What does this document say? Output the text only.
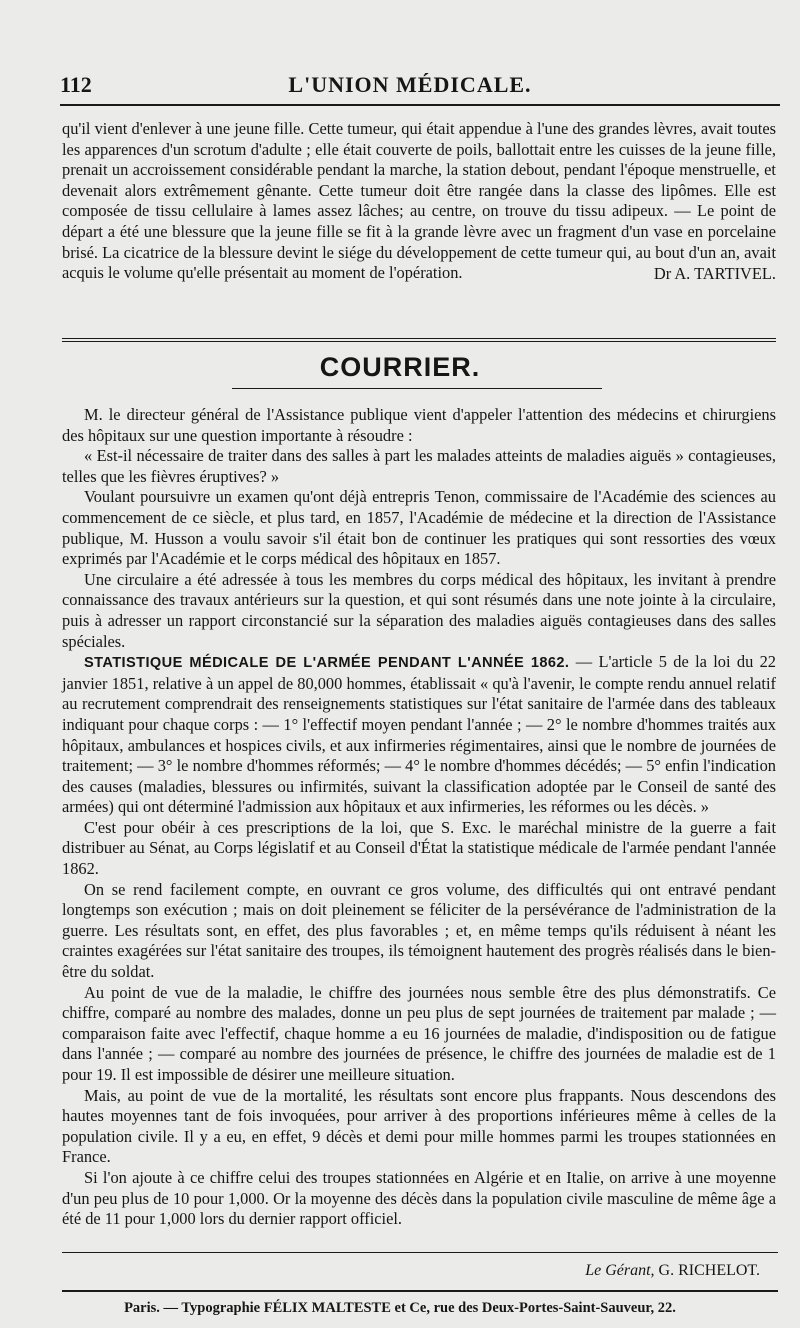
112	L'UNION MÉDICALE.

qu'il vient d'enlever à une jeune fille. Cette tumeur, qui était appendue à l'une des grandes lèvres, avait toutes les apparences d'un scrotum d'adulte ; elle était couverte de poils, ballottait entre les cuisses de la jeune fille, prenait un accroissement considérable pendant la marche, la station debout, pendant l'époque menstruelle, et devenait alors extrêmement gênante. Cette tumeur doit être rangée dans la classe des lipômes. Elle est composée de tissu cellulaire à lames assez lâches; au centre, on trouve du tissu adipeux. — Le point de départ a été une blessure que la jeune fille se fit à la grande lèvre avec un fragment d'un vase en porcelaine brisé. La cicatrice de la blessure devint le siége du développement de cette tumeur qui, au bout d'un an, avait acquis le volume qu'elle présentait au moment de l'opération.	Dr A. TARTIVEL.
COURRIER.

M. le directeur général de l'Assistance publique vient d'appeler l'attention des médecins et chirurgiens des hôpitaux sur une question importante à résoudre :

« Est-il nécessaire de traiter dans des salles à part les malades atteints de maladies aiguës » contagieuses, telles que les fièvres éruptives? »

Voulant poursuivre un examen qu'ont déjà entrepris Tenon, commissaire de l'Académie des sciences au commencement de ce siècle, et plus tard, en 1857, l'Académie de médecine et la direction de l'Assistance publique, M. Husson a voulu savoir s'il était bon de continuer les pratiques qui sont ressorties des vœux exprimés par l'Académie et le corps médical des hôpitaux en 1857.

Une circulaire a été adressée à tous les membres du corps médical des hôpitaux, les invitant à prendre connaissance des travaux antérieurs sur la question, et qui sont résumés dans une note jointe à la circulaire, puis à adresser un rapport circonstancié sur la séparation des maladies aiguës contagieuses dans des salles spéciales.

STATISTIQUE MÉDICALE DE L'ARMÉE PENDANT L'ANNÉE 1862. — L'article 5 de la loi du 22 janvier 1851, relative à un appel de 80,000 hommes, établissait « qu'à l'avenir, le compte rendu annuel relatif au recrutement comprendrait des renseignements statistiques sur l'état sanitaire de l'armée dans des tableaux indiquant pour chaque corps : — 1° l'effectif moyen pendant l'année ; — 2° le nombre d'hommes traités aux hôpitaux, ambulances et hospices civils, et aux infirmeries régimentaires, ainsi que le nombre de journées de traitement; — 3° le nombre d'hommes réformés; — 4° le nombre d'hommes décédés; — 5° enfin l'indication des causes (maladies, blessures ou infirmités, suivant la classification adoptée par le Conseil de santé des armées) qui ont déterminé l'admission aux hôpitaux et aux infirmeries, les réformes ou les décès. »

C'est pour obéir à ces prescriptions de la loi, que S. Exc. le maréchal ministre de la guerre a fait distribuer au Sénat, au Corps législatif et au Conseil d'État la statistique médicale de l'armée pendant l'année 1862.

On se rend facilement compte, en ouvrant ce gros volume, des difficultés qui ont entravé pendant longtemps son exécution ; mais on doit pleinement se féliciter de la persévérance de l'administration de la guerre. Les résultats sont, en effet, des plus favorables ; et, en même temps qu'ils réduisent à néant les craintes exagérées sur l'état sanitaire des troupes, ils témoignent hautement des progrès réalisés dans le bien-être du soldat.

Au point de vue de la maladie, le chiffre des journées nous semble être des plus démonstratifs. Ce chiffre, comparé au nombre des malades, donne un peu plus de sept journées de traitement par malade ; — comparaison faite avec l'effectif, chaque homme a eu 16 journées de maladie, d'indisposition ou de fatigue dans l'année ; — comparé au nombre des journées de présence, le chiffre des journées de maladie est de 1 pour 19. Il est impossible de désirer une meilleure situation.

Mais, au point de vue de la mortalité, les résultats sont encore plus frappants. Nous descendons des hautes moyennes tant de fois invoquées, pour arriver à des proportions inférieures même à celles de la population civile. Il y a eu, en effet, 9 décès et demi pour mille hommes parmi les troupes stationnées en France.

Si l'on ajoute à ce chiffre celui des troupes stationnées en Algérie et en Italie, on arrive à une moyenne d'un peu plus de 10 pour 1,000. Or la moyenne des décès dans la population civile masculine de même âge a été de 11 pour 1,000 lors du dernier rapport officiel.

Le Gérant, G. RICHELOT.
Paris. — Typographie FÉLIX MALTESTE et Ce, rue des Deux-Portes-Saint-Sauveur, 22.
